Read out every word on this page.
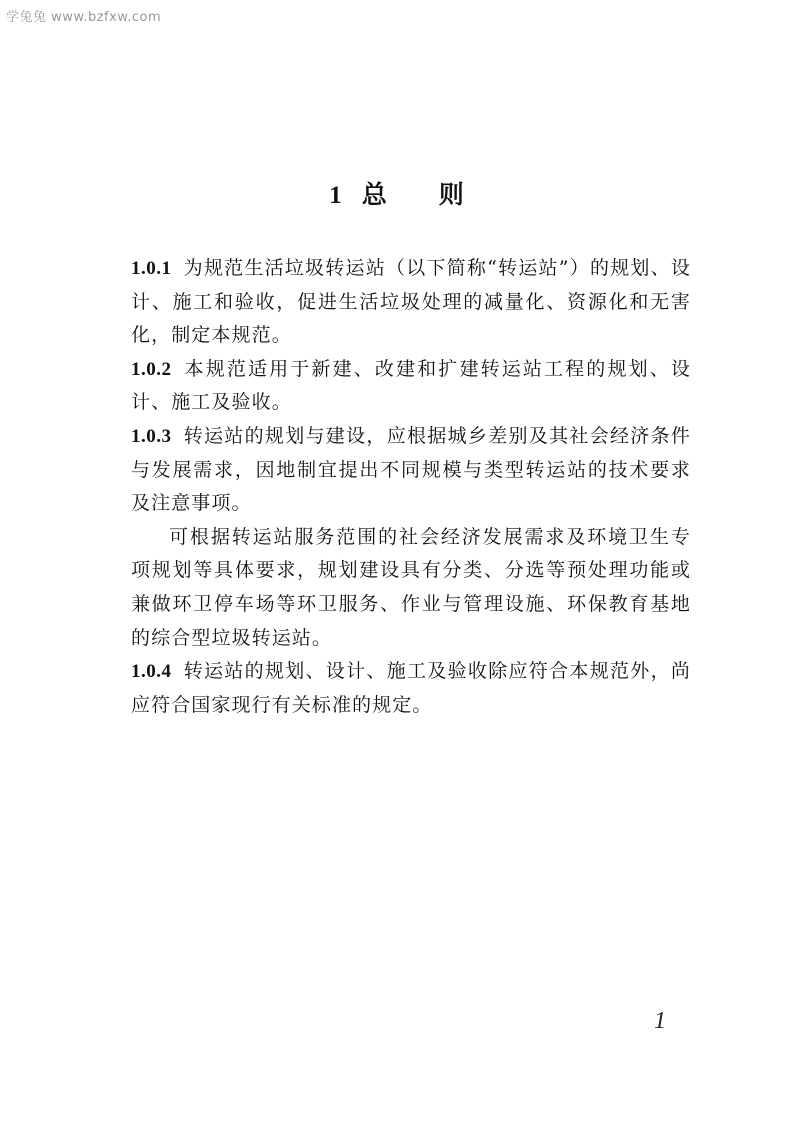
学兔兔 www.bzfxw.com
1 总 则

1.0.1 为规范生活垃圾转运站（以下简称“转运站”）的规划、设计、施工和验收，促进生活垃圾处理的减量化、资源化和无害化，制定本规范。

1.0.2 本规范适用于新建、改建和扩建转运站工程的规划、设计、施工及验收。

1.0.3 转运站的规划与建设，应根据城乡差别及其社会经济条件与发展需求，因地制宜提出不同规模与类型转运站的技术要求及注意事项。

可根据转运站服务范围的社会经济发展需求及环境卫生专项规划等具体要求，规划建设具有分类、分选等预处理功能或兼做环卫停车场等环卫服务、作业与管理设施、环保教育基地的综合型垃圾转运站。

1.0.4 转运站的规划、设计、施工及验收除应符合本规范外，尚应符合国家现行有关标准的规定。

1
